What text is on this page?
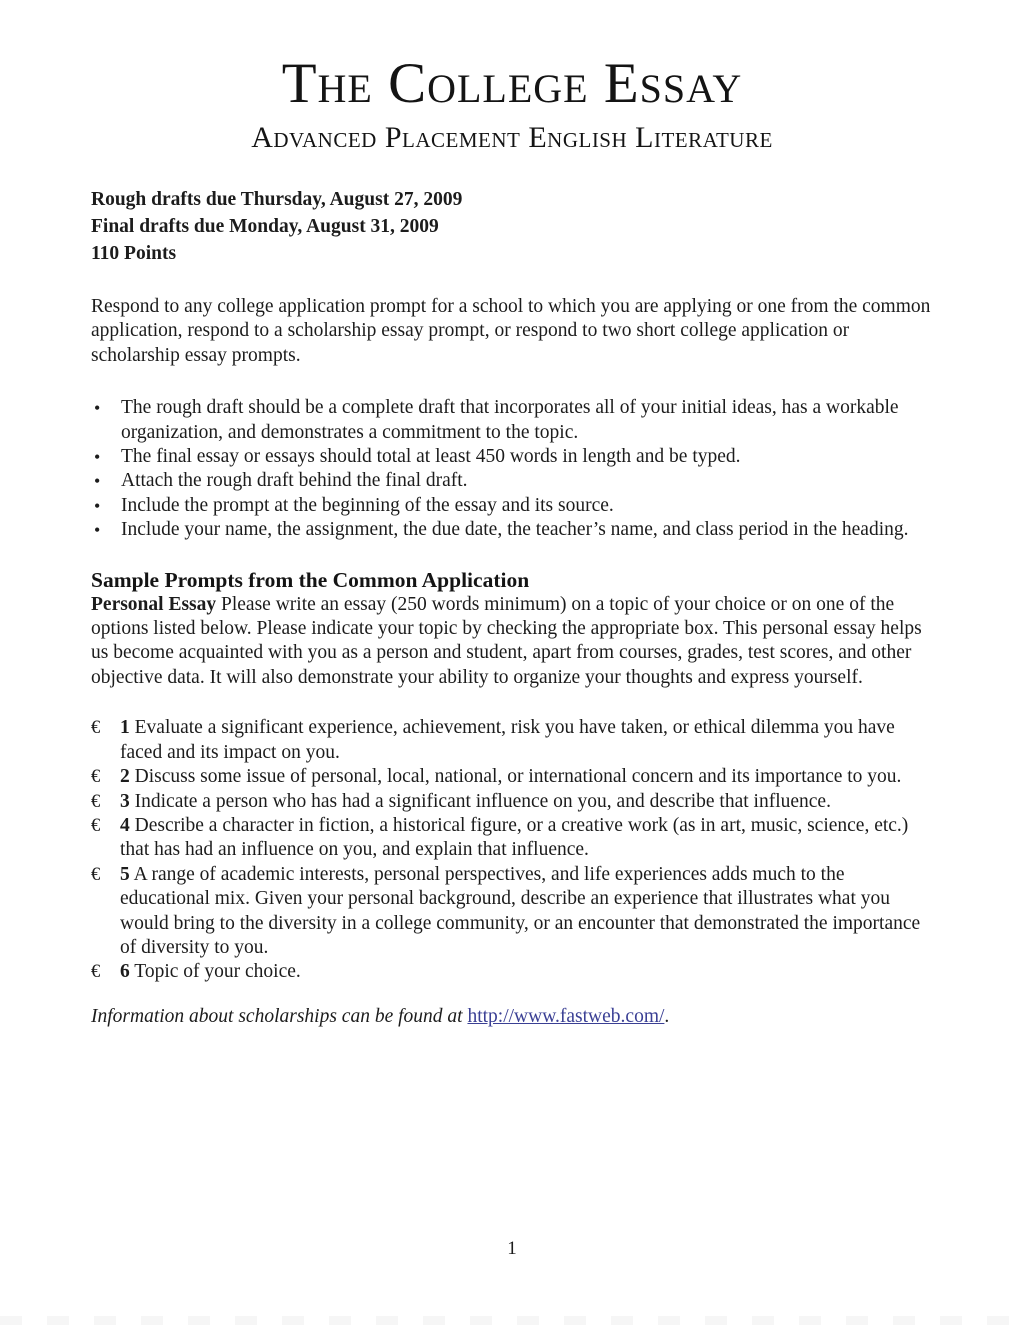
The College Essay
Advanced Placement English Literature

Rough drafts due Thursday, August 27, 2009

Final drafts due Monday, August 31, 2009

110 Points

Respond to any college application prompt for a school to which you are applying or one from the common application, respond to a scholarship essay prompt, or respond to two short college application or scholarship essay prompts.

• The rough draft should be a complete draft that incorporates all of your initial ideas, has a workable organization, and demonstrates a commitment to the topic.
• The final essay or essays should total at least 450 words in length and be typed.
• Attach the rough draft behind the final draft.
• Include the prompt at the beginning of the essay and its source.
• Include your name, the assignment, the due date, the teacher’s name, and class period in the heading.
Sample Prompts from the Common Application

Personal Essay Please write an essay (250 words minimum) on a topic of your choice or on one of the options listed below. Please indicate your topic by checking the appropriate box. This personal essay helps us become acquainted with you as a person and student, apart from courses, grades, test scores, and other objective data. It will also demonstrate your ability to organize your thoughts and express yourself.

€ 1 Evaluate a significant experience, achievement, risk you have taken, or ethical dilemma you have faced and its impact on you.
€ 2 Discuss some issue of personal, local, national, or international concern and its importance to you.
€ 3 Indicate a person who has had a significant influence on you, and describe that influence.
€ 4 Describe a character in fiction, a historical figure, or a creative work (as in art, music, science, etc.) that has had an influence on you, and explain that influence.
€ 5 A range of academic interests, personal perspectives, and life experiences adds much to the educational mix. Given your personal background, describe an experience that illustrates what you would bring to the diversity in a college community, or an encounter that demonstrated the importance of diversity to you.
€ 6 Topic of your choice.

Information about scholarships can be found at http://www.fastweb.com/.

1
